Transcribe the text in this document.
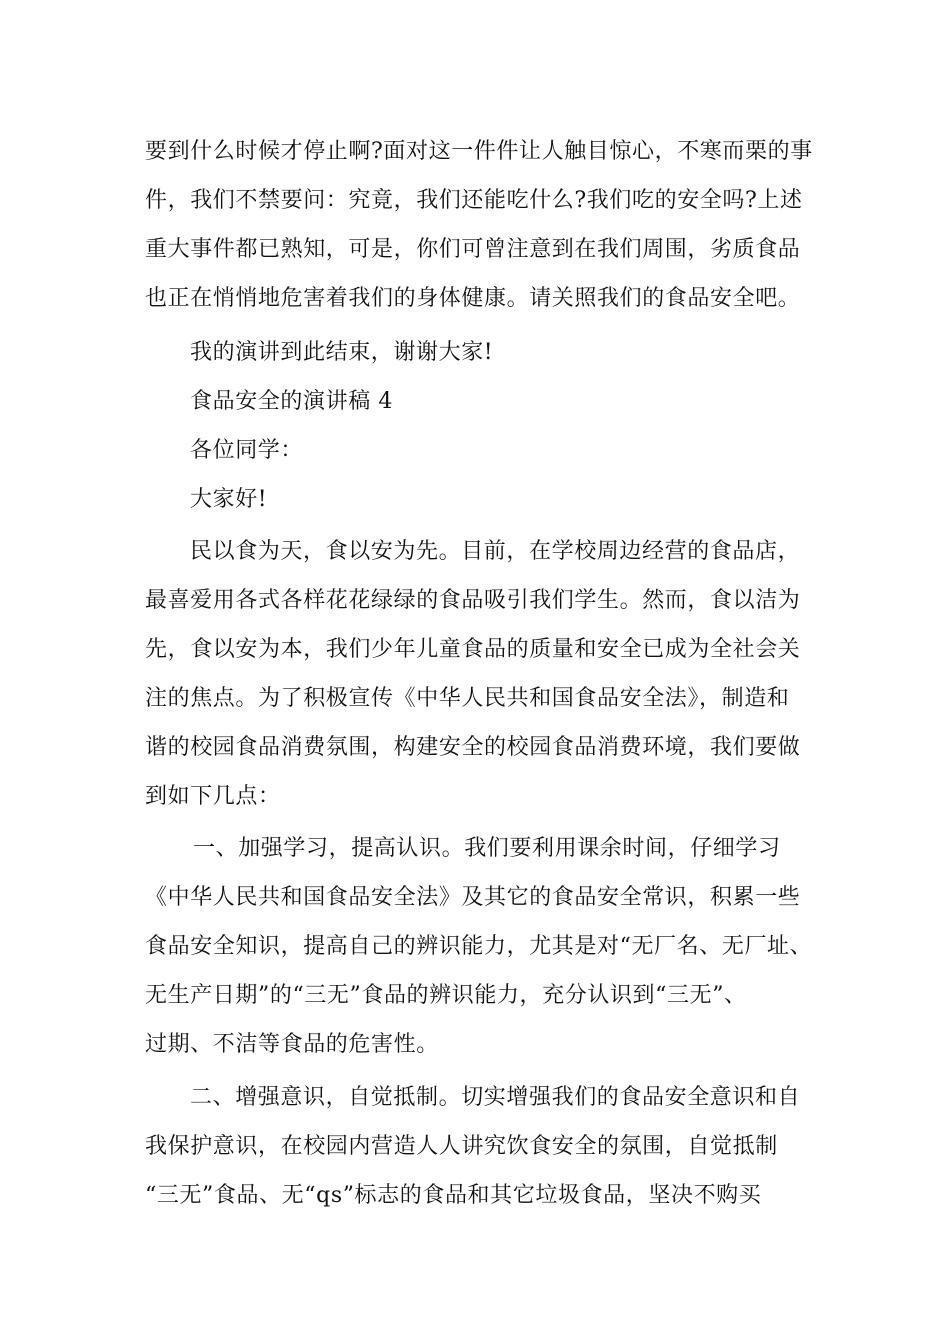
要到什么时候才停止啊?面对这一件件让人触目惊心，不寒而栗的事
件，我们不禁要问：究竟，我们还能吃什么?我们吃的安全吗?上述
重大事件都已熟知，可是，你们可曾注意到在我们周围，劣质食品
也正在悄悄地危害着我们的身体健康。请关照我们的食品安全吧。
我的演讲到此结束，谢谢大家!
食品安全的演讲稿 4
各位同学：
大家好!
民以食为天，食以安为先。目前，在学校周边经营的食品店，
最喜爱用各式各样花花绿绿的食品吸引我们学生。然而，食以洁为
先，食以安为本，我们少年儿童食品的质量和安全已成为全社会关
注的焦点。为了积极宣传《中华人民共和国食品安全法》，制造和
谐的校园食品消费氛围，构建安全的校园食品消费环境，我们要做
到如下几点：
一、加强学习，提高认识。我们要利用课余时间，仔细学习
《中华人民共和国食品安全法》及其它的食品安全常识，积累一些
食品安全知识，提高自己的辨识能力，尤其是对“无厂名、无厂址、
无生产日期”的“三无”食品的辨识能力，充分认识到“三无”、
过期、不洁等食品的危害性。
二、增强意识，自觉抵制。切实增强我们的食品安全意识和自
我保护意识，在校园内营造人人讲究饮食安全的氛围，自觉抵制
“三无”食品、无“qs”标志的食品和其它垃圾食品，坚决不购买
